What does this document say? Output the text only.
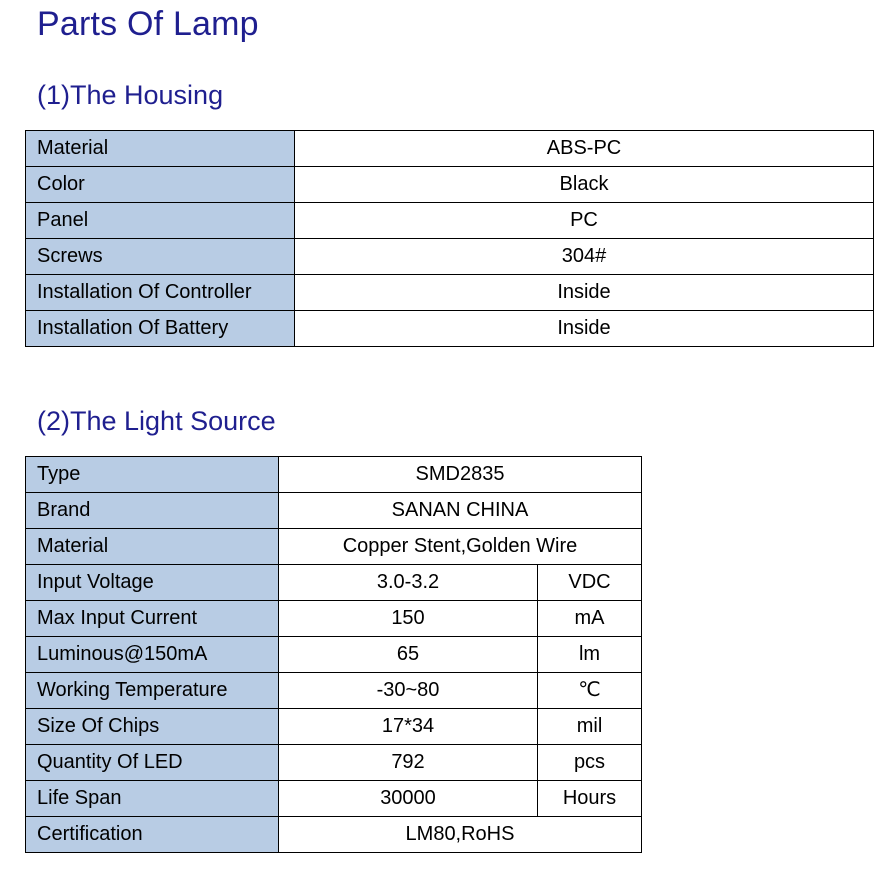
Parts Of Lamp
(1)The Housing
Material	ABS-PC
Color	Black
Panel	PC
Screws	304#
Installation Of Controller	Inside
Installation Of Battery	Inside
(2)The Light Source
Type	SMD2835	
Brand	SANAN CHINA	
Material	Copper Stent,Golden Wire	
Input Voltage	3.0-3.2	VDC
Max Input Current	150	mA
Luminous@150mA	65	lm
Working Temperature	-30~80	℃
Size Of Chips	17*34	mil
Quantity Of LED	792	pcs
Life Span	30000	Hours
Certification	LM80,RoHS	
